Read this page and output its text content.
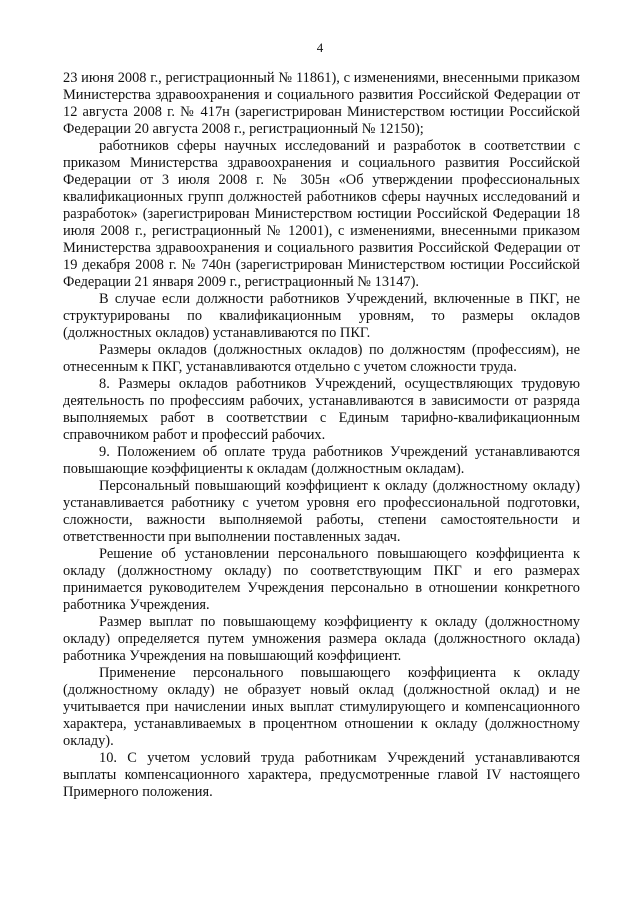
4

23 июня 2008 г., регистрационный № 11861), с изменениями, внесенными приказом Министерства здравоохранения и социального развития Российской Федерации от 12 августа 2008 г. № 417н (зарегистрирован Министерством юстиции Российской Федерации 20 августа 2008 г., регистрационный № 12150);

работников сферы научных исследований и разработок в соответствии с приказом Министерства здравоохранения и социального развития Российской Федерации от 3 июля 2008 г. № 305н «Об утверждении профессиональных квалификационных групп должностей работников сферы научных исследований и разработок» (зарегистрирован Министерством юстиции Российской Федерации 18 июля 2008 г., регистрационный № 12001), с изменениями, внесенными приказом Министерства здравоохранения и социального развития Российской Федерации от 19 декабря 2008 г. № 740н (зарегистрирован Министерством юстиции Российской Федерации 21 января 2009 г., регистрационный № 13147).

В случае если должности работников Учреждений, включенные в ПКГ, не структурированы по квалификационным уровням, то размеры окладов (должностных окладов) устанавливаются по ПКГ.

Размеры окладов (должностных окладов) по должностям (профессиям), не отнесенным к ПКГ, устанавливаются отдельно с учетом сложности труда.

8. Размеры окладов работников Учреждений, осуществляющих трудовую деятельность по профессиям рабочих, устанавливаются в зависимости от разряда выполняемых работ в соответствии с Единым тарифно-квалификационным справочником работ и профессий рабочих.

9. Положением об оплате труда работников Учреждений устанавливаются повышающие коэффициенты к окладам (должностным окладам).

Персональный повышающий коэффициент к окладу (должностному окладу) устанавливается работнику с учетом уровня его профессиональной подготовки, сложности, важности выполняемой работы, степени самостоятельности и ответственности при выполнении поставленных задач.

Решение об установлении персонального повышающего коэффициента к окладу (должностному окладу) по соответствующим ПКГ и его размерах принимается руководителем Учреждения персонально в отношении конкретного работника Учреждения.

Размер выплат по повышающему коэффициенту к окладу (должностному окладу) определяется путем умножения размера оклада (должностного оклада) работника Учреждения на повышающий коэффициент.

Применение персонального повышающего коэффициента к окладу (должностному окладу) не образует новый оклад (должностной оклад) и не учитывается при начислении иных выплат стимулирующего и компенсационного характера, устанавливаемых в процентном отношении к окладу (должностному окладу).

10. С учетом условий труда работникам Учреждений устанавливаются выплаты компенсационного характера, предусмотренные главой IV настоящего Примерного положения.
